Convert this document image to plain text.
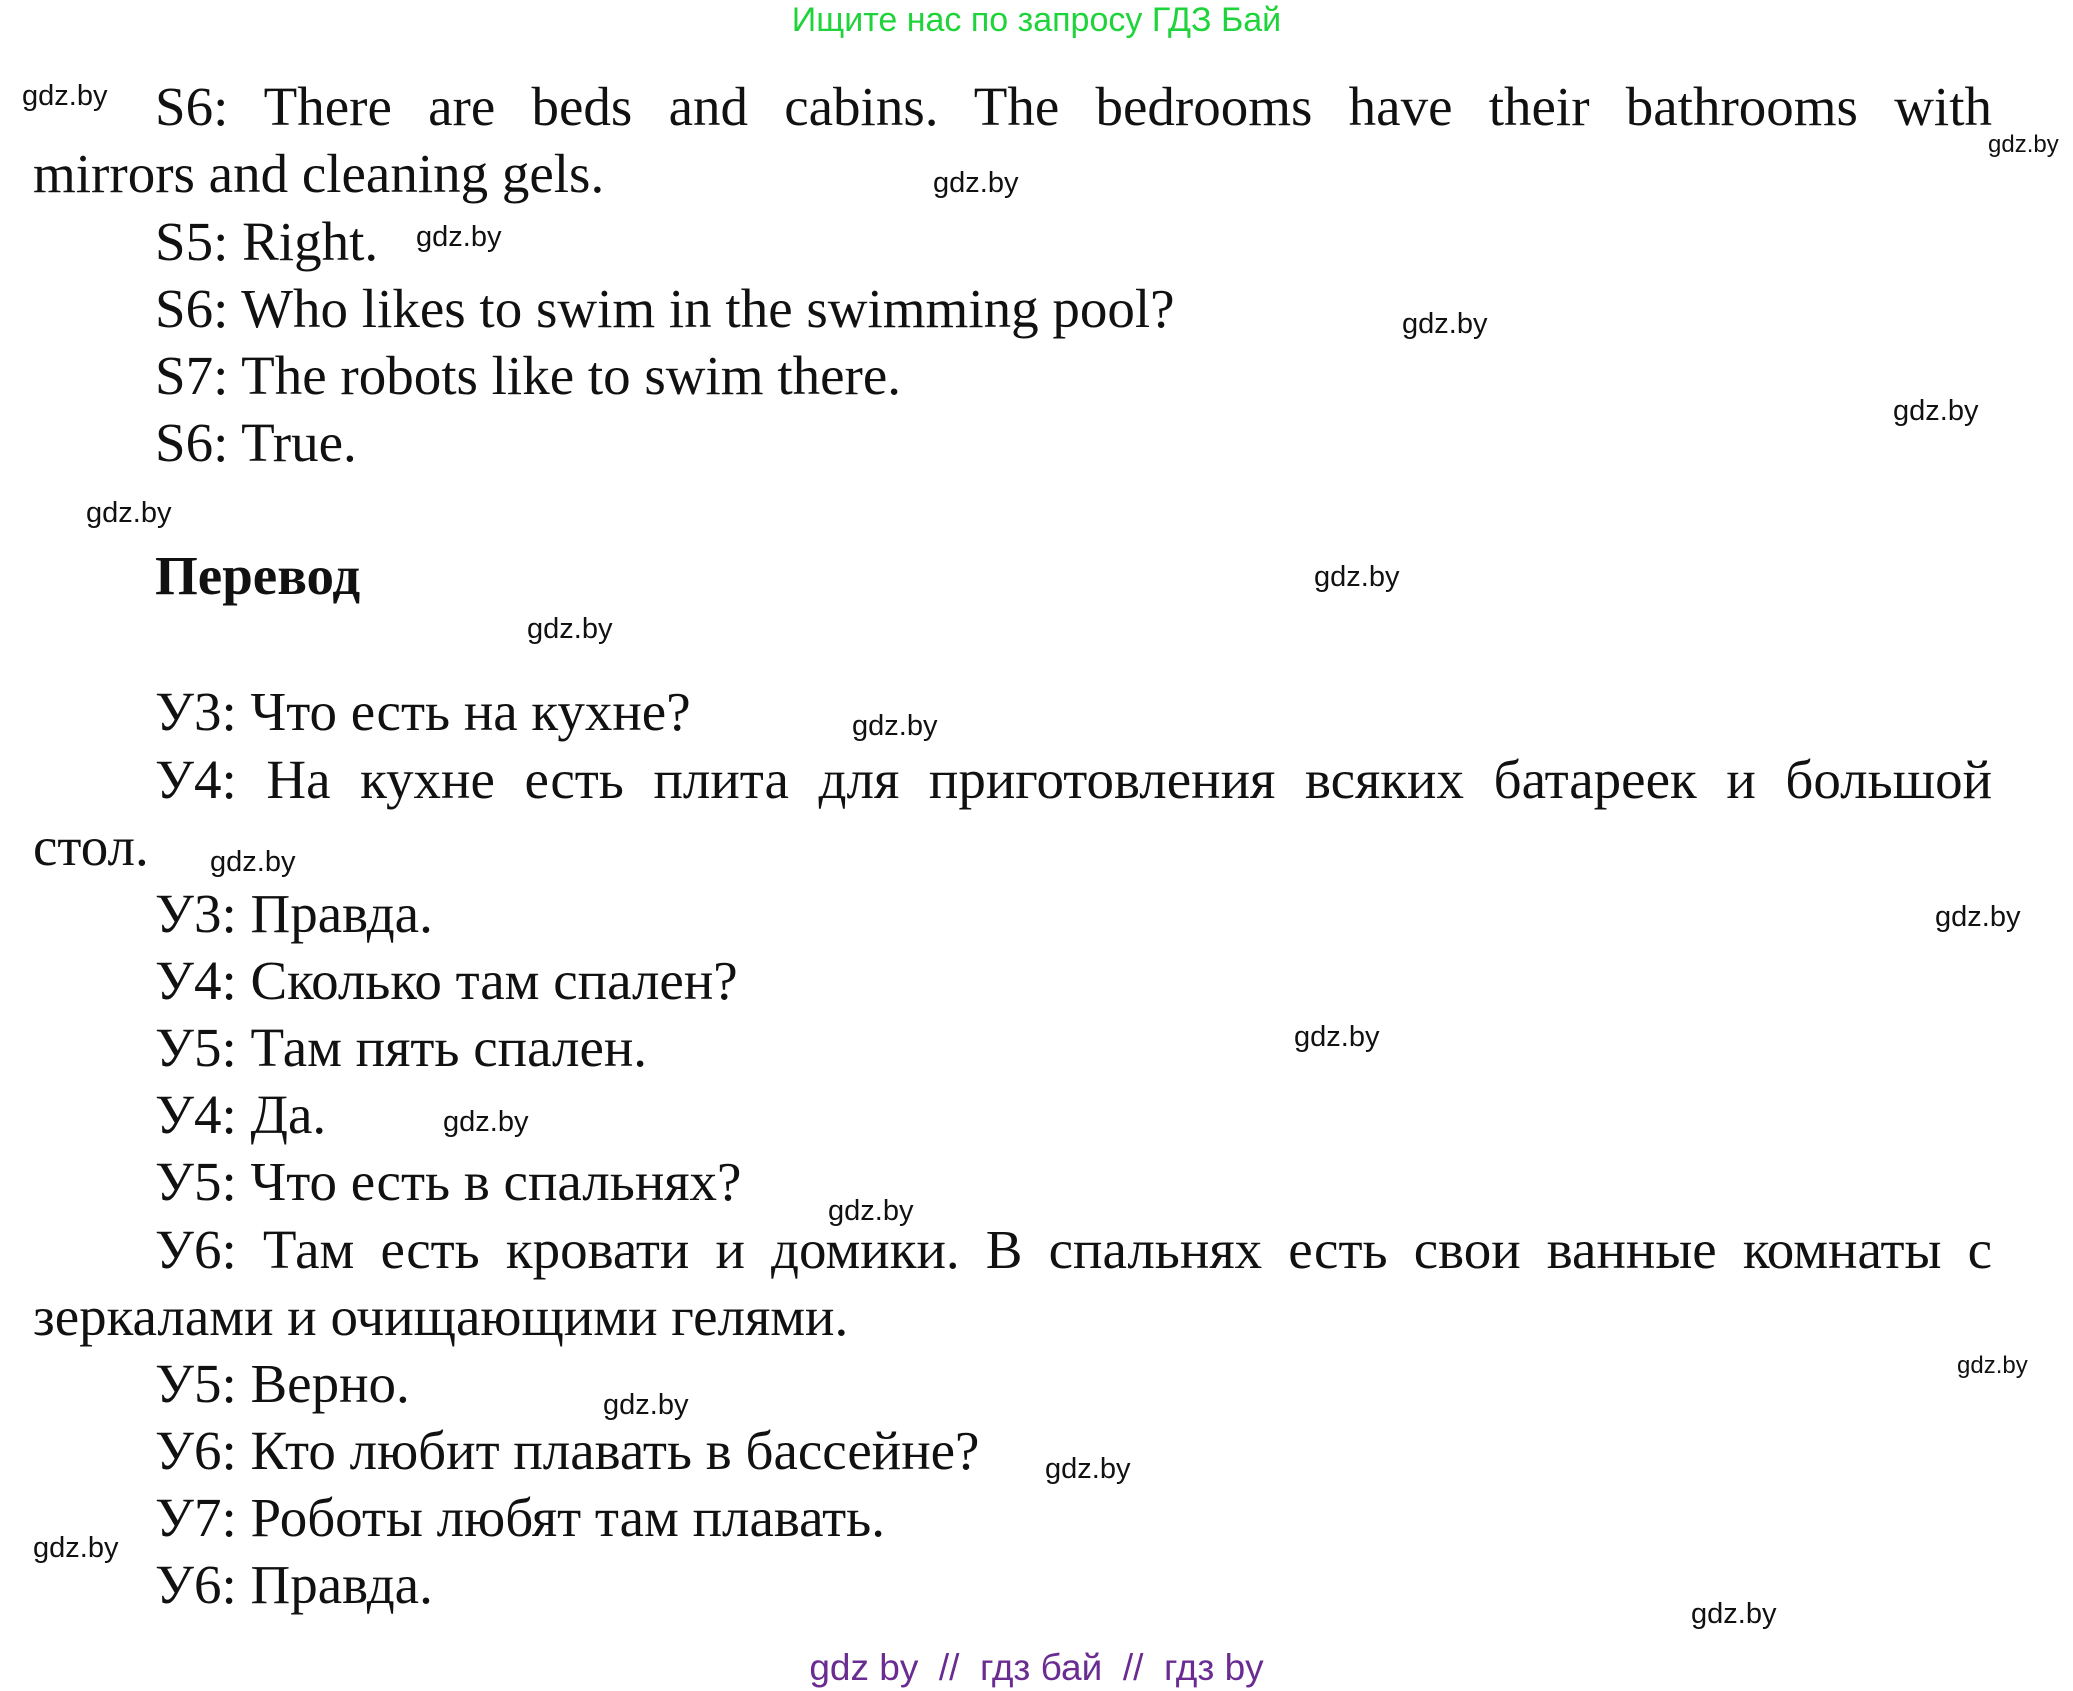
Ищите нас по запросу ГДЗ Бай
S6: There are beds and cabins. The bedrooms have their bathrooms with
mirrors and cleaning gels.
S5: Right.
S6: Who likes to swim in the swimming pool?
S7: The robots like to swim there.
S6: True.
Перевод
У3: Что есть на кухне?
У4: На кухне есть плита для приготовления всяких батареек и большой
стол.
У3: Правда.
У4: Сколько там спален?
У5: Там пять спален.
У4: Да.
У5: Что есть в спальнях?
У6: Там есть кровати и домики. В спальнях есть свои ванные комнаты с
зеркалами и очищающими гелями.
У5: Верно.
У6: Кто любит плавать в бассейне?
У7: Роботы любят там плавать.
У6: Правда.
gdz.by
gdz.by
gdz.by
gdz.by
gdz.by
gdz.by
gdz.by
gdz.by
gdz.by
gdz.by
gdz.by
gdz.by
gdz.by
gdz.by
gdz.by
gdz.by
gdz.by
gdz.by
gdz.by
gdz.by
gdz by  //  гдз бай  //  гдз by
